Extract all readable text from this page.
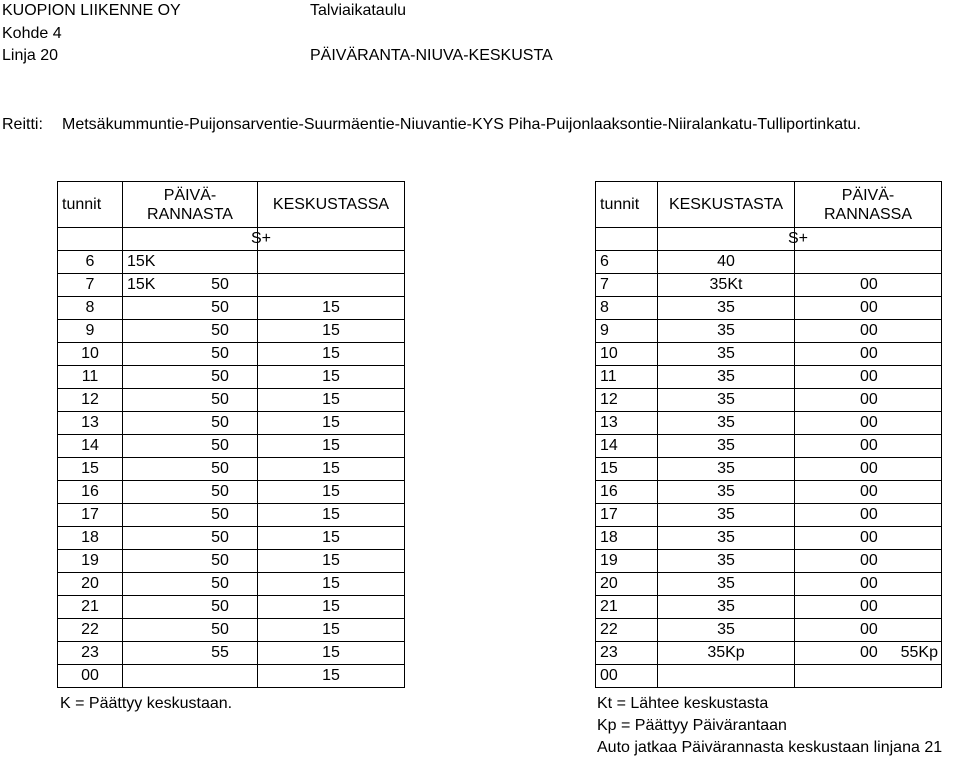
KUOPION LIIKENNE OY
Kohde 4
Linja 20
Talviaikataulu
PÄIVÄRANTA-NIUVA-KESKUSTA
Reitti: Metsäkummuntie-Puijonsarventie-Suurmäentie-Niuvantie-KYS Piha-Puijonlaaksontie-Niiralankatu-Tulliportinkatu.
tunnit	PÄIVÄ-
RANNASTA	KESKUSTASSA
	S+	
6	15K	

7	15K 50	
8	50	15
9	50	15
10	50	15
11	50	15
12	50	15
13	50	15
14	50	15
15	50	15
16	50	15
17	50	15
18	50	15
19	50	15
20	50	15
21	50	15
22	50	15
23	55	15
00		15
K = Päättyy keskustaan.
tunnit	KESKUSTASTA	PÄIVÄ-
RANNASSA
	S+	
6	40	

7	35Kt	00

8	35	00

9	35	00

10	35	00

11	35	00

12	35	00

13	35	00

14	35	00

15	35	00

16	35	00

17	35	00

18	35	00

19	35	00

20	35	00

21	35	00

22	35	00

23	35Kp	00 55Kp

00		
Kt = Lähtee keskustasta
Kp = Päättyy Päivärantaan
Auto jatkaa Päivärannasta keskustaan linjana 21
